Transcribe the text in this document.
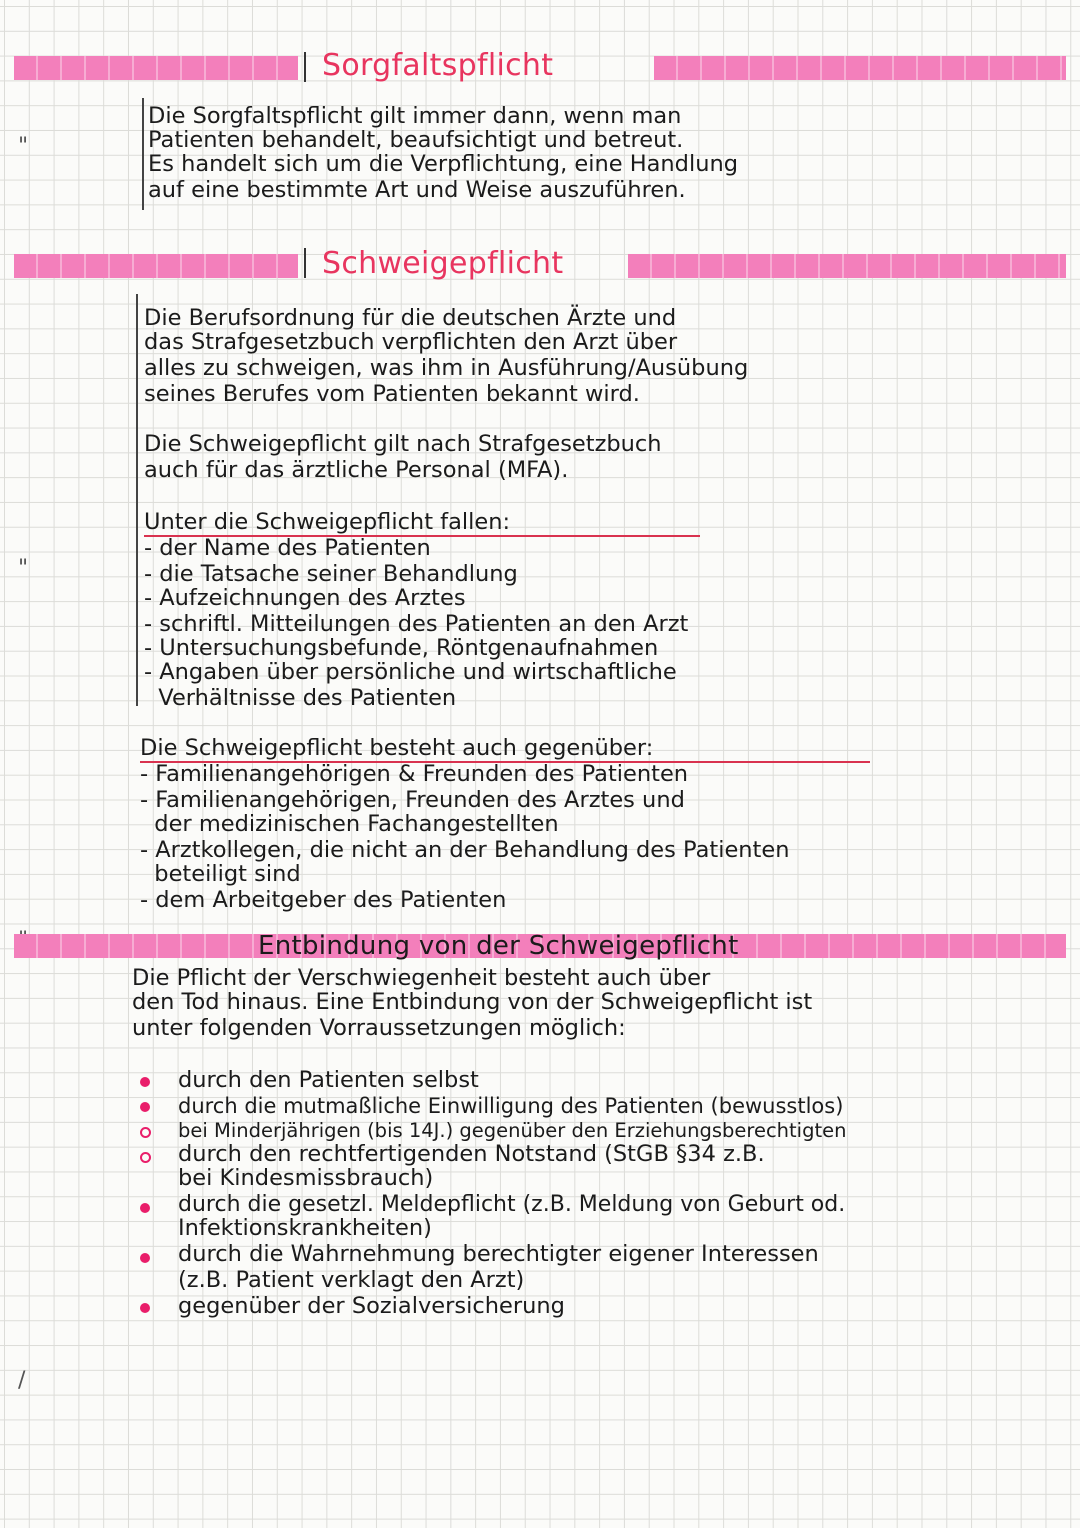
"
"
/
Sorgfaltspflicht
Die Sorgfaltspflicht gilt immer dann, wenn man
Patienten behandelt, beaufsichtigt und betreut.
Es handelt sich um die Verpflichtung, eine Handlung
auf eine bestimmte Art und Weise auszuführen.
Schweigepflicht
Die Berufsordnung für die deutschen Ärzte und
das Strafgesetzbuch verpflichten den Arzt über
alles zu schweigen, was ihm in Ausführung/Ausübung
seines Berufes vom Patienten bekannt wird.
Die Schweigepflicht gilt nach Strafgesetzbuch
auch für das ärztliche Personal (MFA).
Unter die Schweigepflicht fallen:
- der Name des Patienten
- die Tatsache seiner Behandlung
- Aufzeichnungen des Arztes
- schriftl. Mitteilungen des Patienten an den Arzt
- Untersuchungsbefunde, Röntgenaufnahmen
- Angaben über persönliche und wirtschaftliche
Verhältnisse des Patienten
Die Schweigepflicht besteht auch gegenüber:
- Familienangehörigen & Freunden des Patienten
- Familienangehörigen, Freunden des Arztes und
der medizinischen Fachangestellten
- Arztkollegen, die nicht an der Behandlung des Patienten
beteiligt sind
- dem Arbeitgeber des Patienten
Entbindung von der Schweigepflicht
Die Pflicht der Verschwiegenheit besteht auch über
den Tod hinaus. Eine Entbindung von der Schweigepflicht ist
unter folgenden Vorraussetzungen möglich:
durch den Patienten selbst
durch die mutmaßliche Einwilligung des Patienten (bewusstlos)
bei Minderjährigen (bis 14J.) gegenüber den Erziehungsberechtigten
durch den rechtfertigenden Notstand (StGB §34 z.B.
bei Kindesmissbrauch)
durch die gesetzl. Meldepflicht (z.B. Meldung von Geburt od.
Infektionskrankheiten)
durch die Wahrnehmung berechtigter eigener Interessen
(z.B. Patient verklagt den Arzt)
gegenüber der Sozialversicherung
